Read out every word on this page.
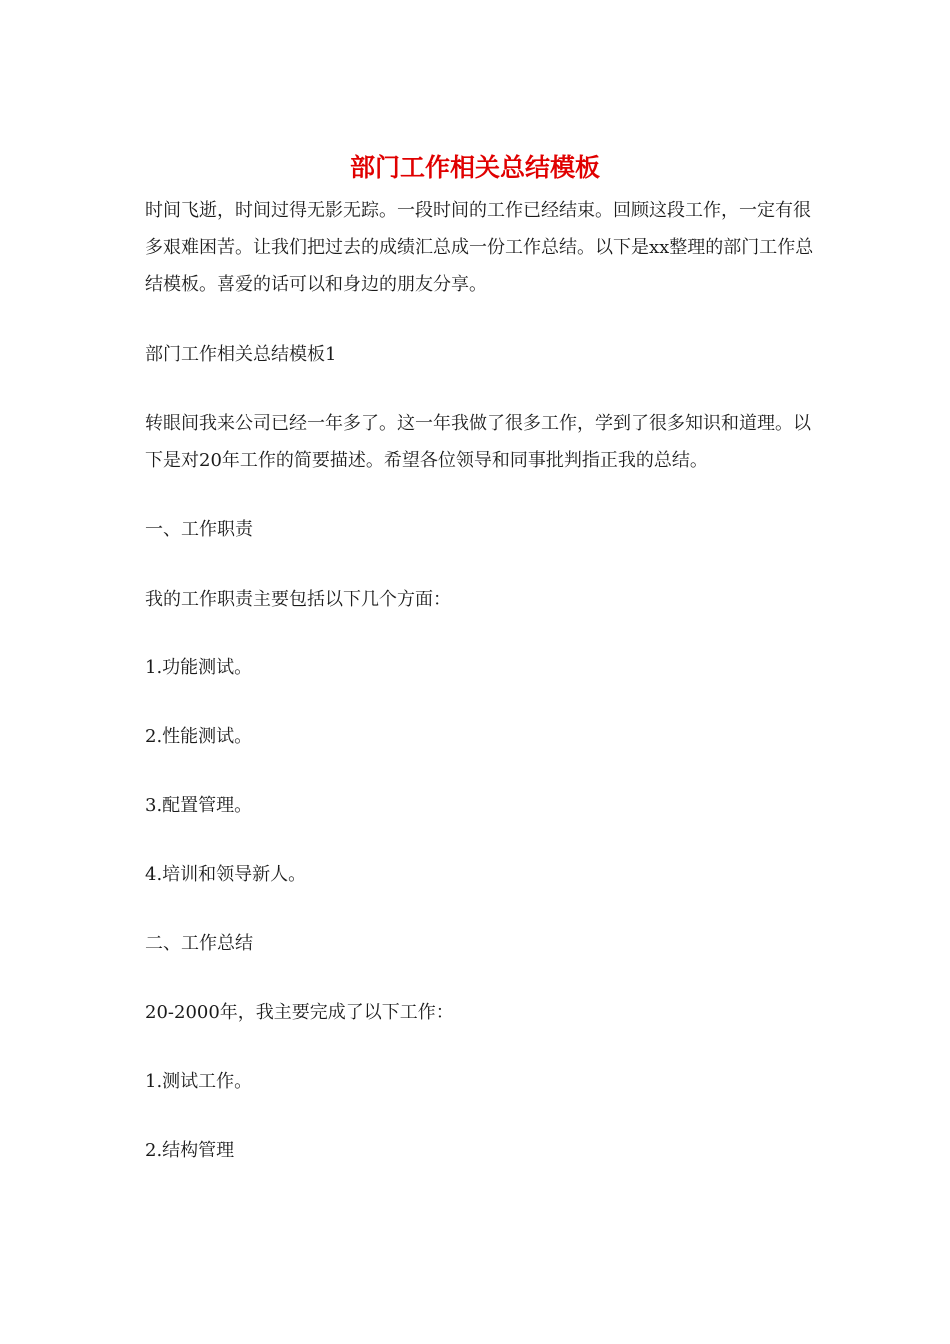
部门工作相关总结模板

时间飞逝，时间过得无影无踪。一段时间的工作已经结束。回顾这段工作，一定有很多艰难困苦。让我们把过去的成绩汇总成一份工作总结。以下是xx整理的部门工作总结模板。喜爱的话可以和身边的朋友分享。

部门工作相关总结模板1

转眼间我来公司已经一年多了。这一年我做了很多工作，学到了很多知识和道理。以下是对20年工作的简要描述。希望各位领导和同事批判指正我的总结。

一、工作职责

我的工作职责主要包括以下几个方面：

1.功能测试。

2.性能测试。

3.配置管理。

4.培训和领导新人。

二、工作总结

20-2000年，我主要完成了以下工作：

1.测试工作。

2.结构管理
